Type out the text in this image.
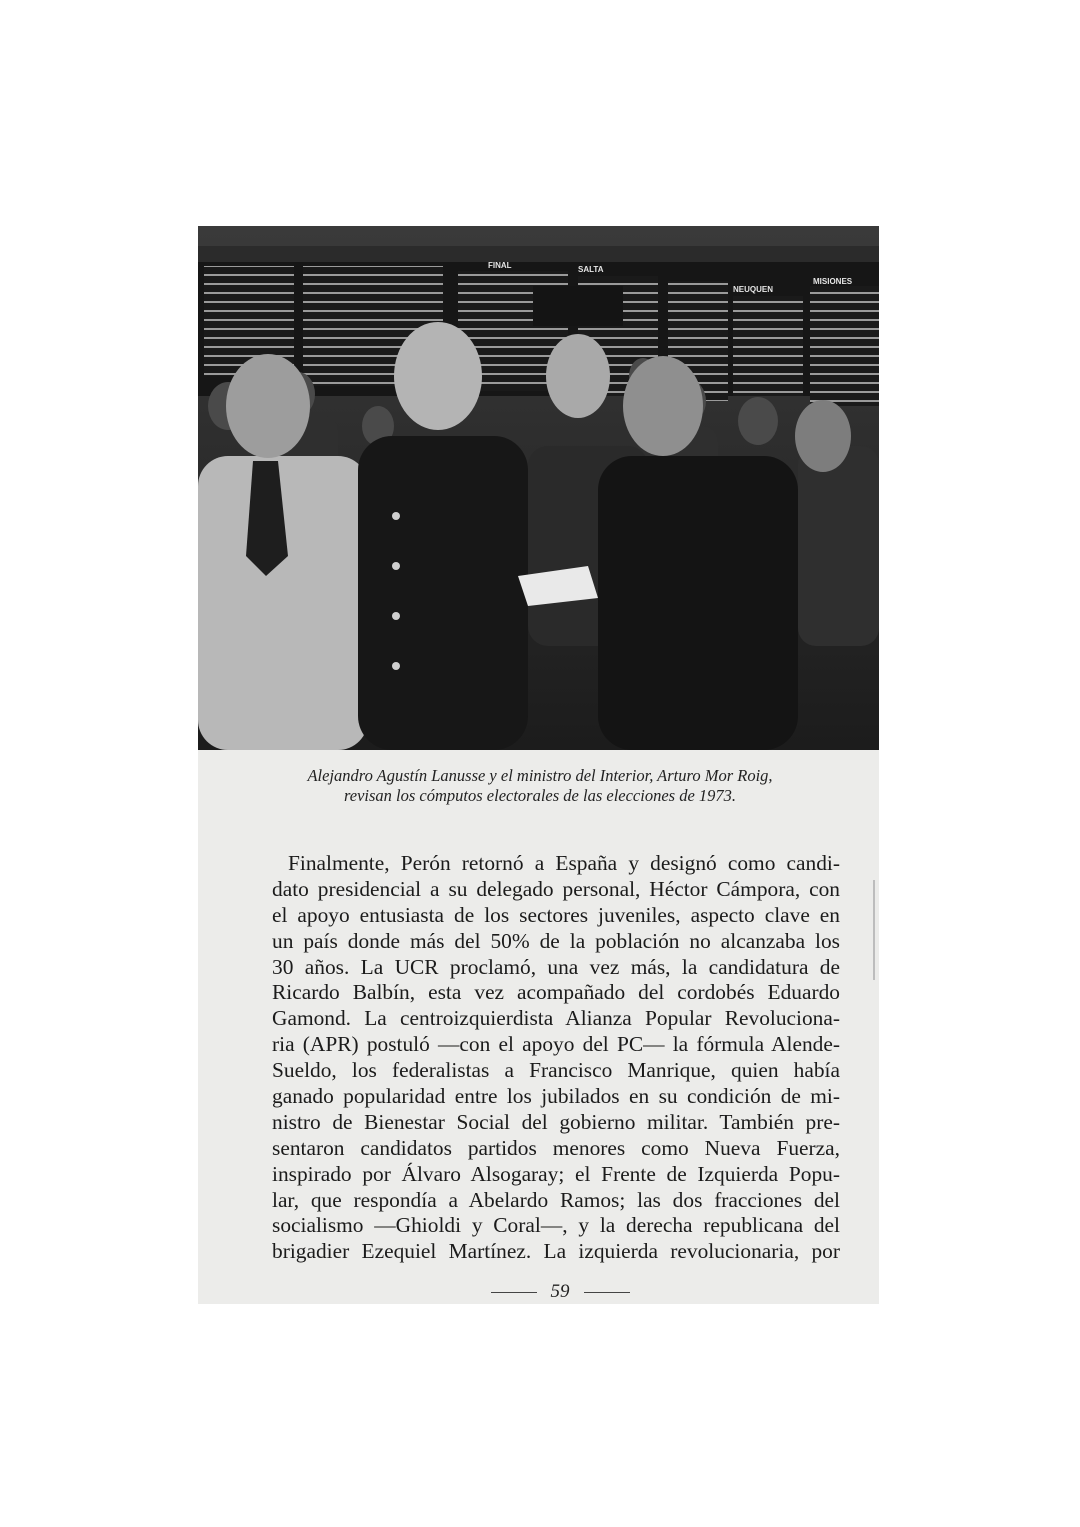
SALTA
NEUQUEN
MISIONES
FINAL
Alejandro Agustín Lanusse y el ministro del Interior, Arturo Mor Roig,
revisan los cómputos electorales de las elecciones de 1973.
Finalmente, Perón retornó a España y designó como candi-
dato presidencial a su delegado personal, Héctor Cámpora, con
el apoyo entusiasta de los sectores juveniles, aspecto clave en
un país donde más del 50% de la población no alcanzaba los
30 años. La UCR proclamó, una vez más, la candidatura de
Ricardo Balbín, esta vez acompañado del cordobés Eduardo
Gamond. La centroizquierdista Alianza Popular Revoluciona-
ria (APR) postuló —con el apoyo del PC— la fórmula Alende-
Sueldo, los federalistas a Francisco Manrique, quien había
ganado popularidad entre los jubilados en su condición de mi-
nistro de Bienestar Social del gobierno militar. También pre-
sentaron candidatos partidos menores como Nueva Fuerza,
inspirado por Álvaro Alsogaray; el Frente de Izquierda Popu-
lar, que respondía a Abelardo Ramos; las dos fracciones del
socialismo —Ghioldi y Coral—, y la derecha republicana del
brigadier Ezequiel Martínez. La izquierda revolucionaria, por
59
